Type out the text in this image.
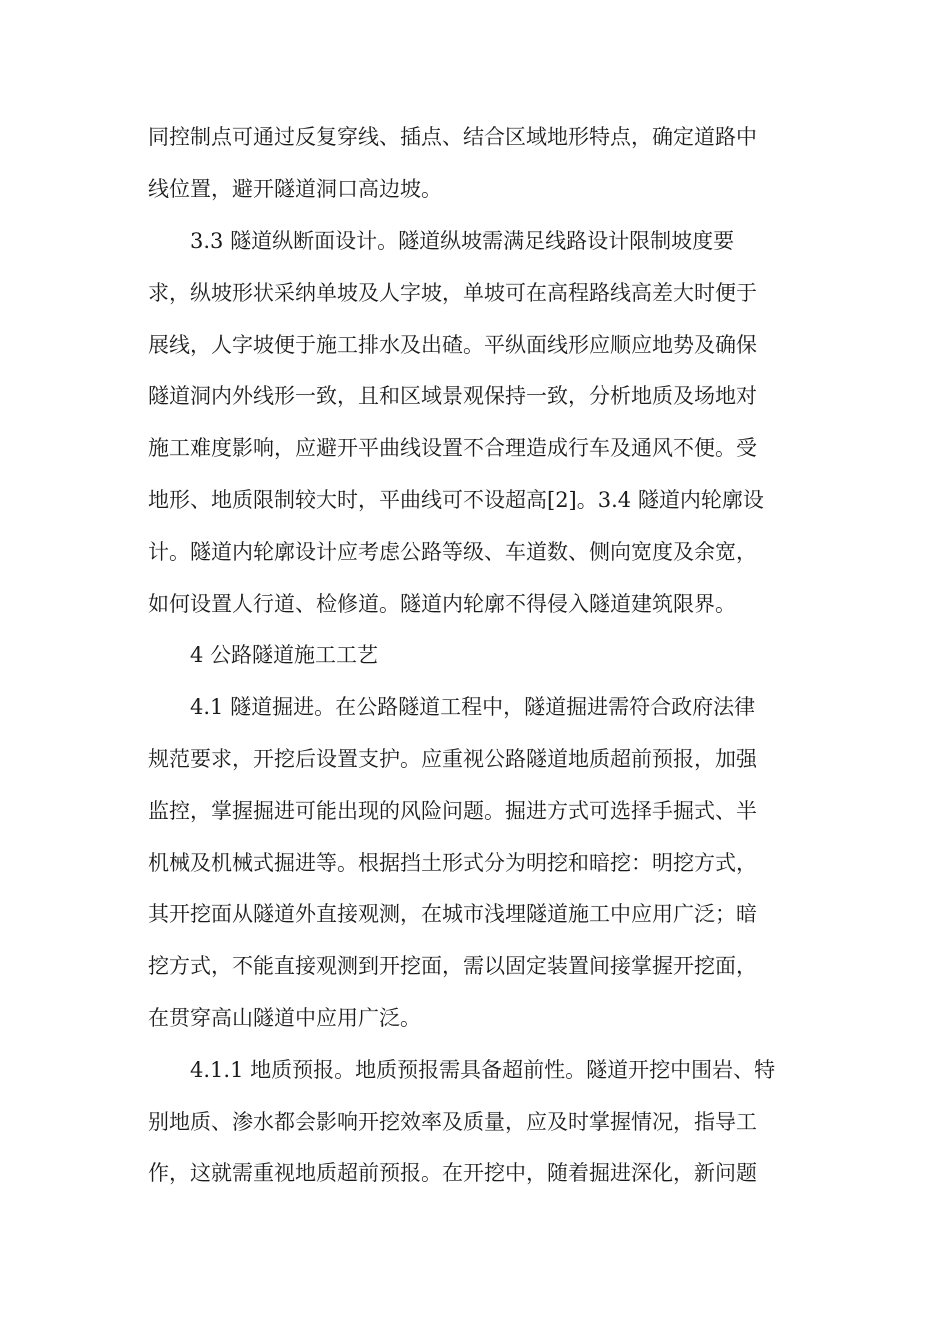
同控制点可通过反复穿线、插点、结合区域地形特点，确定道路中
线位置，避开隧道洞口高边坡。
3.3 隧道纵断面设计。隧道纵坡需满足线路设计限制坡度要
求，纵坡形状采纳单坡及人字坡，单坡可在高程路线高差大时便于
展线，人字坡便于施工排水及出碴。平纵面线形应顺应地势及确保
隧道洞内外线形一致，且和区域景观保持一致，分析地质及场地对
施工难度影响，应避开平曲线设置不合理造成行车及通风不便。受
地形、地质限制较大时，平曲线可不设超高[2]。3.4 隧道内轮廓设
计。隧道内轮廓设计应考虑公路等级、车道数、侧向宽度及余宽，
如何设置人行道、检修道。隧道内轮廓不得侵入隧道建筑限界。
4 公路隧道施工工艺
4.1 隧道掘进。在公路隧道工程中，隧道掘进需符合政府法律
规范要求，开挖后设置支护。应重视公路隧道地质超前预报，加强
监控，掌握掘进可能出现的风险问题。掘进方式可选择手掘式、半
机械及机械式掘进等。根据挡土形式分为明挖和暗挖：明挖方式，
其开挖面从隧道外直接观测，在城市浅埋隧道施工中应用广泛；暗
挖方式，不能直接观测到开挖面，需以固定装置间接掌握开挖面，
在贯穿高山隧道中应用广泛。
4.1.1 地质预报。地质预报需具备超前性。隧道开挖中围岩、特
别地质、渗水都会影响开挖效率及质量，应及时掌握情况，指导工
作，这就需重视地质超前预报。在开挖中，随着掘进深化，新问题
